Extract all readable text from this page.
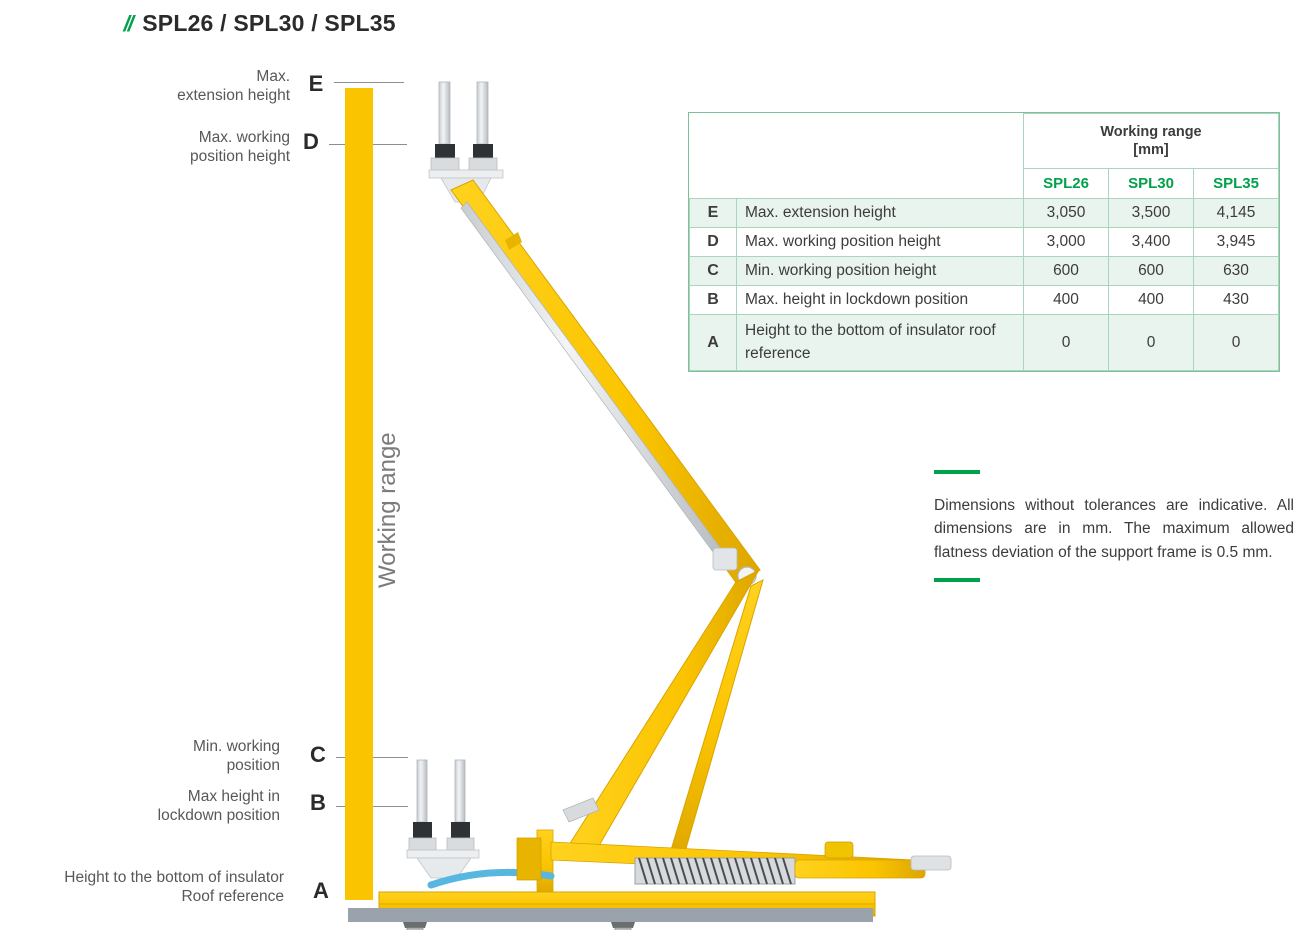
// SPL26 / SPL30 / SPL35
Max.
extension height E
Max. working
position height
D
Min. working
position C
Max height in
lockdown position
B
Height to the bottom of insulator
Roof reference A
Working range

		Working range
[mm]		

		SPL26	SPL30	SPL35
E	Max. extension height	3,050	3,500	4,145
D	Max. working position height	3,000	3,400	3,945
C	Min. working position height	600	600	630
B	Max. height in lockdown position	400	400	430
A	Height to the bottom of insulator roof reference	0	0	0
Dimensions without tolerances are indicative. All dimensions are in mm. The maximum allowed flatness deviation of the support frame is 0.5 mm.
